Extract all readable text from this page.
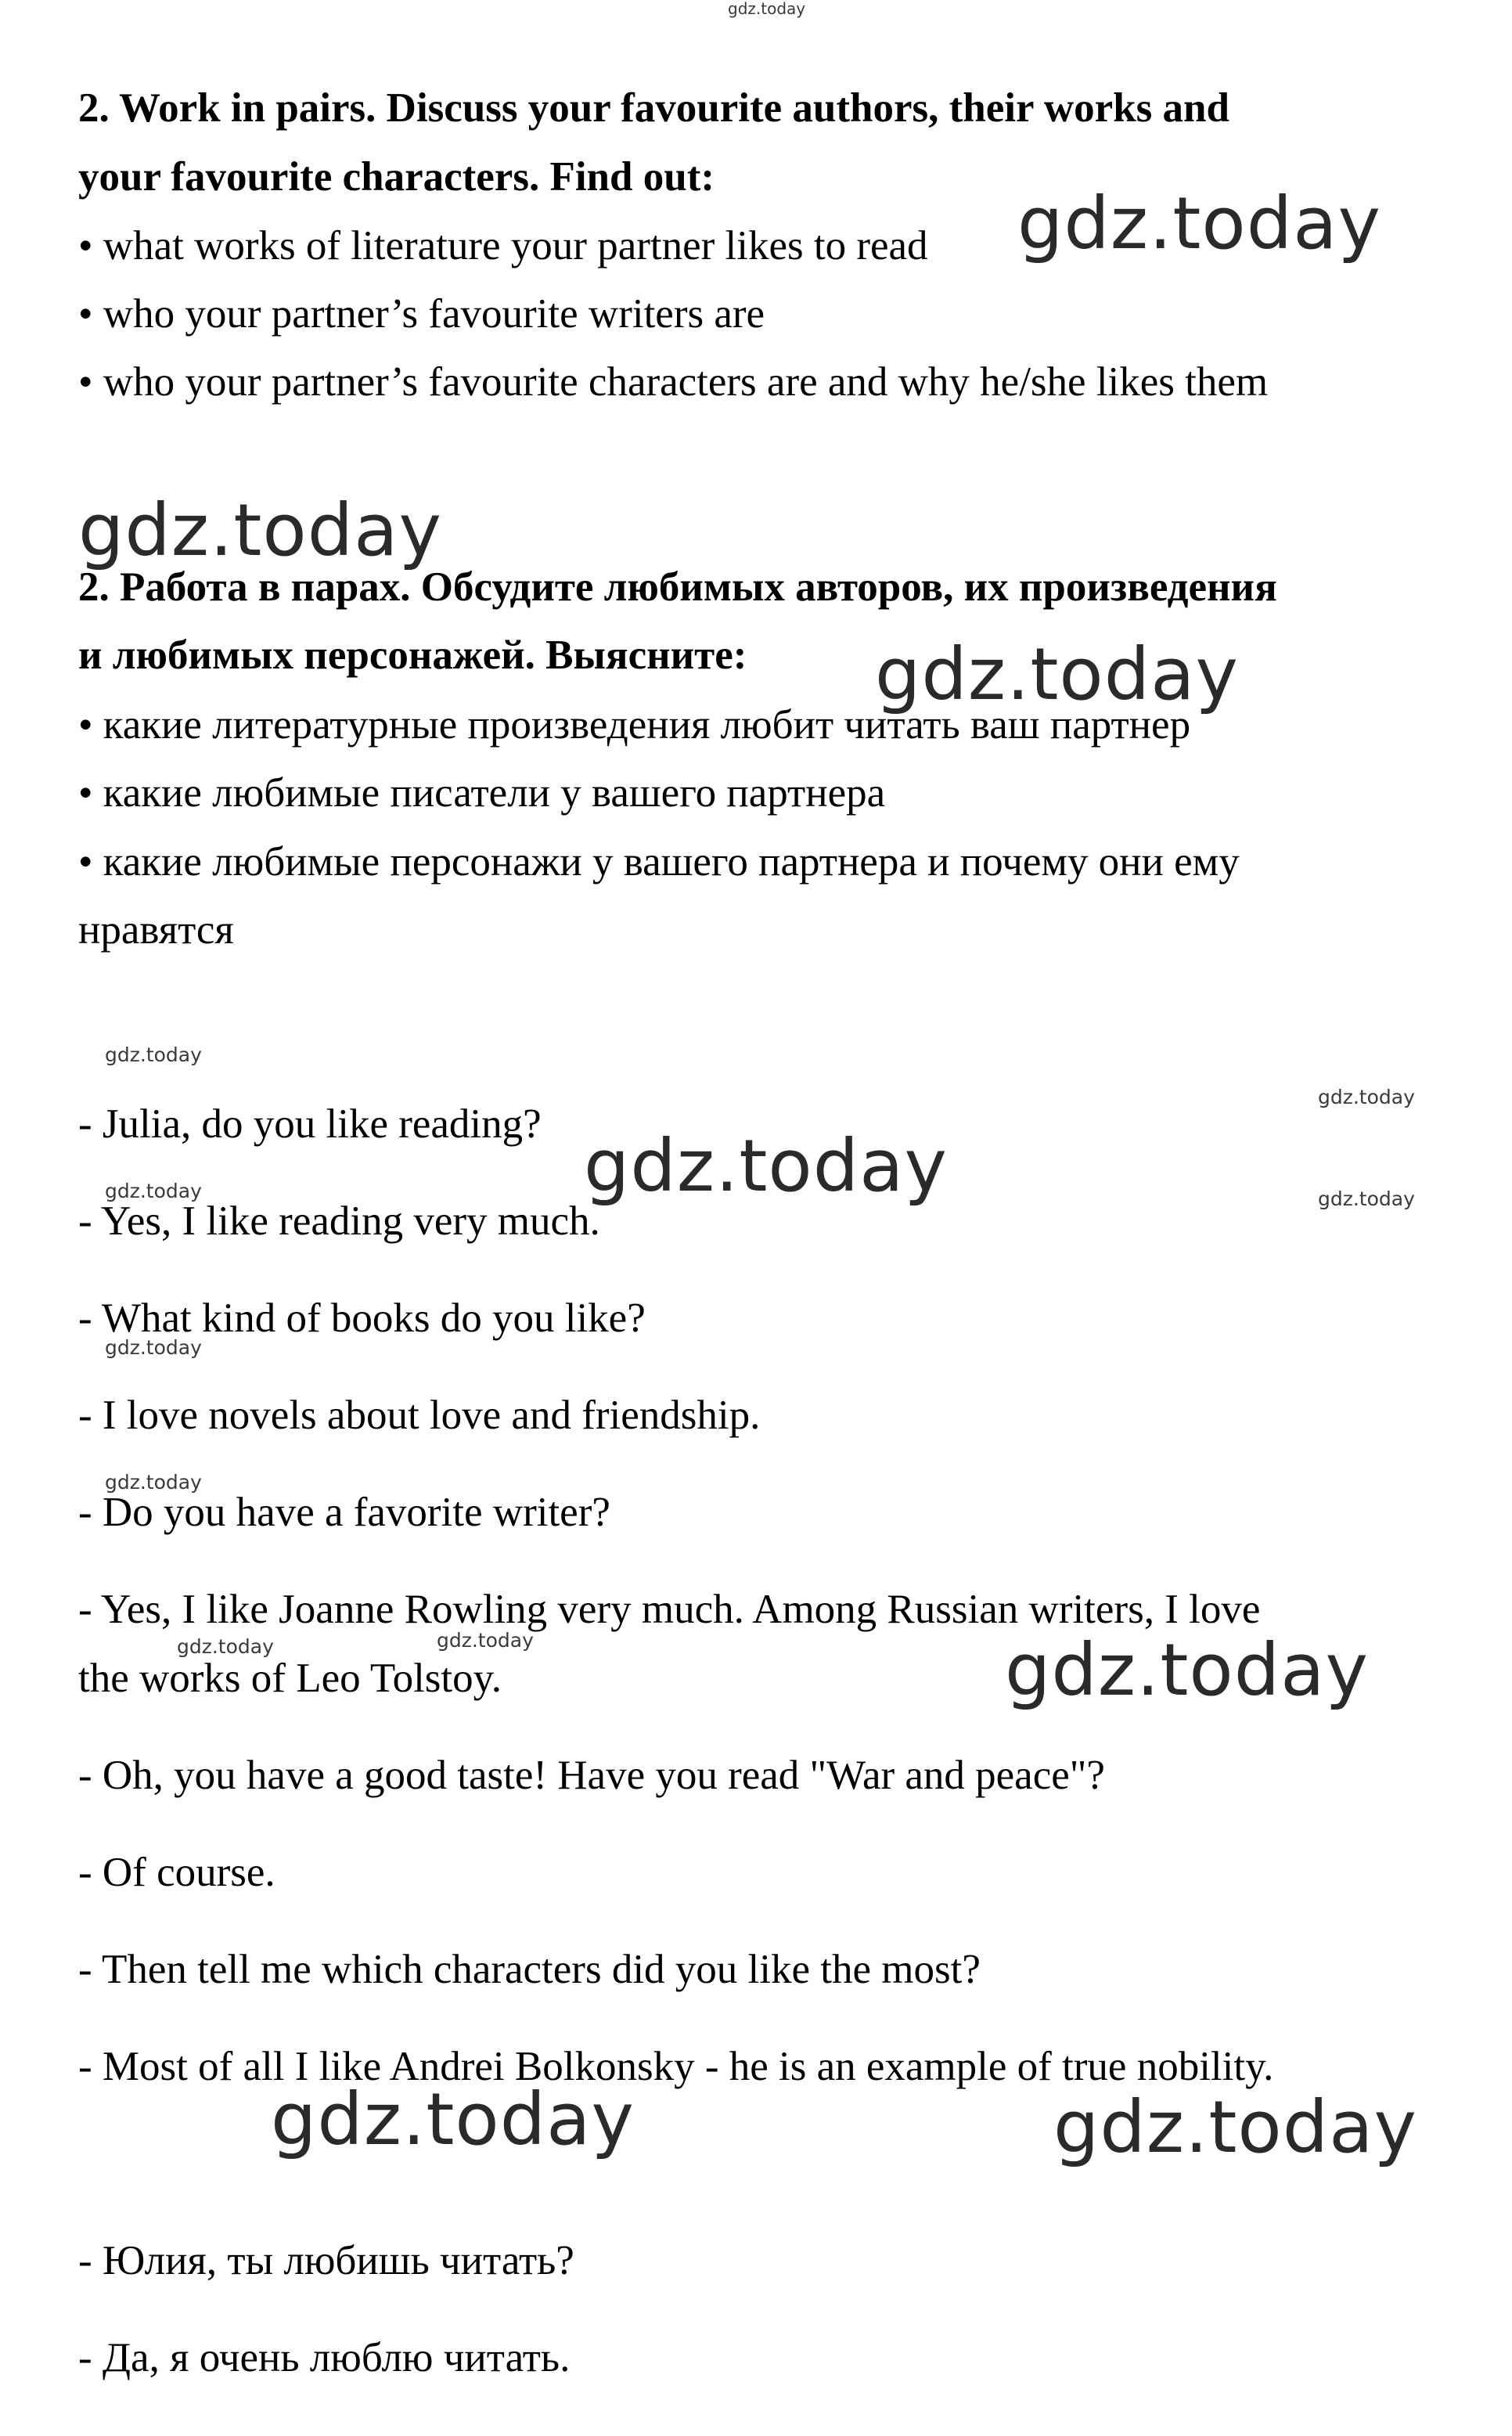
gdz.today
2. Work in pairs. Discuss your favourite authors, their works and
your favourite characters. Find out:
• what works of literature your partner likes to read
• who your partner’s favourite writers are
• who your partner’s favourite characters are and why he/she likes them
gdz.today
gdz.today
2. Работа в парах. Обсудите любимых авторов, их произведения
и любимых персонажей. Выясните:
• какие литературные произведения любит читать ваш партнер
• какие любимые писатели у вашего партнера
• какие любимые персонажи у вашего партнера и почему они ему
нравятся
gdz.today
gdz.today
gdz.today
gdz.today	gdz.today
gdz.today
gdz.today
gdz.today	gdz.today
- Julia, do you like reading? gdz.today
- Yes, I like reading very much.
- What kind of books do you like?
- I love novels about love and friendship.
- Do you have a favorite writer?
- Yes, I like Joanne Rowling very much. Among Russian writers, I love
the works of Leo Tolstoy.	gdz.today
- Oh, you have a good taste! Have you read "War and peace"?
- Of course.
- Then tell me which characters did you like the most?
- Most of all I like Andrei Bolkonsky - he is an example of true nobility.
gdz.today	gdz.today
- Юлия, ты любишь читать?
- Да, я очень люблю читать.
